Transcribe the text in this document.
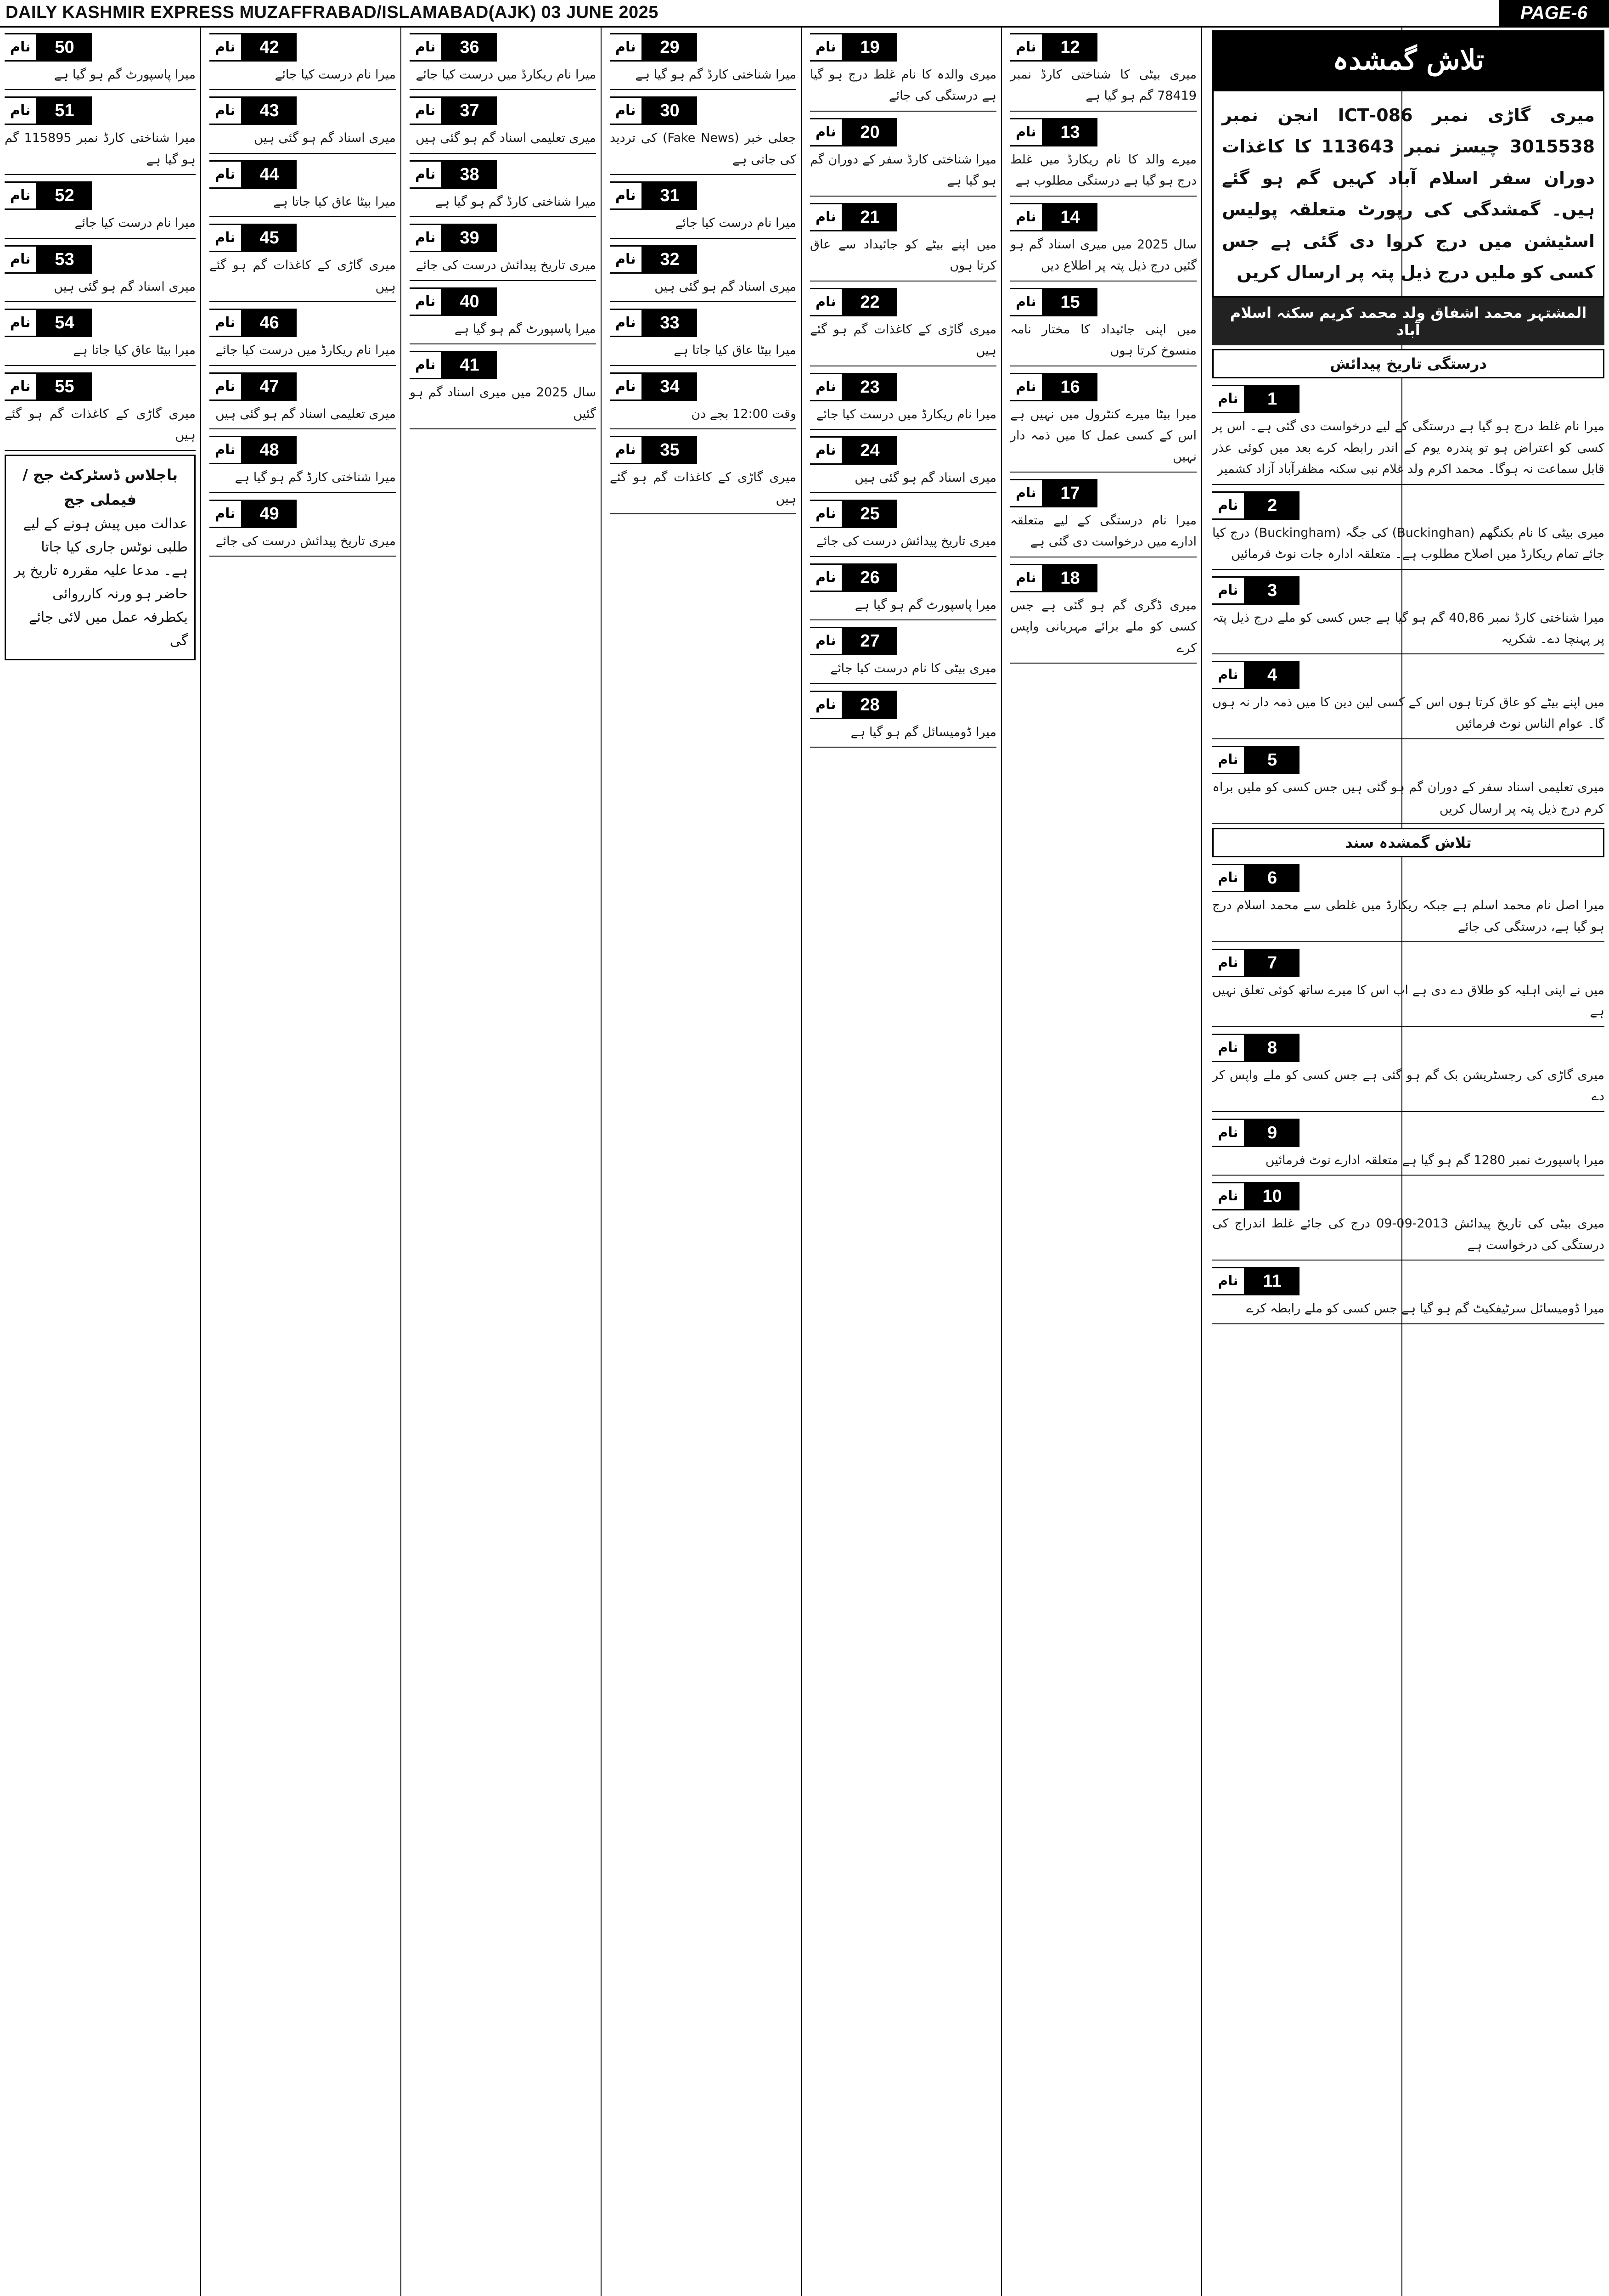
DAILY KASHMIR EXPRESS MUZAFFRABAD/ISLAMABAD(AJK) 03 JUNE 2025	PAGE-6
تلاش گمشدہ
میری گاڑی نمبر 086-ICT انجن نمبر 3015538 چیسز نمبر 113643 کا کاغذات دوران سفر اسلام آباد کہیں گم ہو گئے ہیں۔ گمشدگی کی رپورٹ متعلقہ پولیس اسٹیشن میں درج کروا دی گئی ہے جس کسی کو ملیں درج ذیل پتہ پر ارسال کریں
المشتہر محمد اشفاق ولد محمد کریم سکنہ اسلام آباد
درستگی تاریخ پیدائش
1
نام
میرا نام غلط درج ہو گیا ہے درستگی کے لیے درخواست دی گئی ہے۔ اس پر کسی کو اعتراض ہو تو پندرہ یوم کے اندر رابطہ کرے بعد میں کوئی عذر قابل سماعت نہ ہوگا۔ محمد اکرم ولد غلام نبی سکنہ مظفرآباد آزاد کشمیر
2
نام
میری بیٹی کا نام بکنگھم (Buckinghan) کی جگہ (Buckingham) درج کیا جائے تمام ریکارڈ میں اصلاح مطلوب ہے۔ متعلقہ ادارہ جات نوٹ فرمائیں
3
نام
میرا شناختی کارڈ نمبر 40,86 گم ہو گیا ہے جس کسی کو ملے درج ذیل پتہ پر پہنچا دے۔ شکریہ
4
نام
میں اپنے بیٹے کو عاق کرتا ہوں اس کے کسی لین دین کا میں ذمہ دار نہ ہوں گا۔ عوام الناس نوٹ فرمائیں
5
نام
میری تعلیمی اسناد سفر کے دوران گم ہو گئی ہیں جس کسی کو ملیں براہ کرم درج ذیل پتہ پر ارسال کریں
تلاش گمشدہ سند
6
نام
میرا اصل نام محمد اسلم ہے جبکہ ریکارڈ میں غلطی سے محمد اسلام درج ہو گیا ہے، درستگی کی جائے
7
نام
میں نے اپنی اہلیہ کو طلاق دے دی ہے اب اس کا میرے ساتھ کوئی تعلق نہیں ہے
8
نام
میری گاڑی کی رجسٹریشن بک گم ہو گئی ہے جس کسی کو ملے واپس کر دے
9
نام
میرا پاسپورٹ نمبر 1280 گم ہو گیا ہے متعلقہ ادارے نوٹ فرمائیں
10
نام
میری بیٹی کی تاریخ پیدائش 2013-09-09 درج کی جائے غلط اندراج کی درستگی کی درخواست ہے
11
نام
میرا ڈومیسائل سرٹیفکیٹ گم ہو گیا ہے جس کسی کو ملے رابطہ کرے
12
نام
میری بیٹی کا شناختی کارڈ نمبر 78419 گم ہو گیا ہے
13
نام
میرے والد کا نام ریکارڈ میں غلط درج ہو گیا ہے درستگی مطلوب ہے
14
نام
سال 2025 میں میری اسناد گم ہو گئیں درج ذیل پتہ پر اطلاع دیں
15
نام
میں اپنی جائیداد کا مختار نامہ منسوخ کرتا ہوں
16
نام
میرا بیٹا میرے کنٹرول میں نہیں ہے اس کے کسی عمل کا میں ذمہ دار نہیں
17
نام
میرا نام درستگی کے لیے متعلقہ ادارے میں درخواست دی گئی ہے
18
نام
میری ڈگری گم ہو گئی ہے جس کسی کو ملے برائے مہربانی واپس کرے
19
نام
میری والدہ کا نام غلط درج ہو گیا ہے درستگی کی جائے
20
نام
میرا شناختی کارڈ سفر کے دوران گم ہو گیا ہے
21
نام
میں اپنے بیٹے کو جائیداد سے عاق کرتا ہوں
22
نام
میری گاڑی کے کاغذات گم ہو گئے ہیں
23
نام
میرا نام ریکارڈ میں درست کیا جائے
24
نام
میری اسناد گم ہو گئی ہیں
25
نام
میری تاریخ پیدائش درست کی جائے
26
نام
میرا پاسپورٹ گم ہو گیا ہے
27
نام
میری بیٹی کا نام درست کیا جائے
28
نام
میرا ڈومیسائل گم ہو گیا ہے
29
نام
میرا شناختی کارڈ گم ہو گیا ہے
30
نام
جعلی خبر (Fake News) کی تردید کی جاتی ہے
31
نام
میرا نام درست کیا جائے
32
نام
میری اسناد گم ہو گئی ہیں
33
نام
میرا بیٹا عاق کیا جاتا ہے
34
نام
وقت 12:00 بجے دن
35
نام
میری گاڑی کے کاغذات گم ہو گئے ہیں
36
نام
میرا نام ریکارڈ میں درست کیا جائے
37
نام
میری تعلیمی اسناد گم ہو گئی ہیں
38
نام
میرا شناختی کارڈ گم ہو گیا ہے
39
نام
میری تاریخ پیدائش درست کی جائے
40
نام
میرا پاسپورٹ گم ہو گیا ہے
41
نام
سال 2025 میں میری اسناد گم ہو گئیں
42
نام
میرا نام درست کیا جائے
43
نام
میری اسناد گم ہو گئی ہیں
44
نام
میرا بیٹا عاق کیا جاتا ہے
45
نام
میری گاڑی کے کاغذات گم ہو گئے ہیں
46
نام
میرا نام ریکارڈ میں درست کیا جائے
47
نام
میری تعلیمی اسناد گم ہو گئی ہیں
48
نام
میرا شناختی کارڈ گم ہو گیا ہے
49
نام
میری تاریخ پیدائش درست کی جائے
50
نام
میرا پاسپورٹ گم ہو گیا ہے
51
نام
میرا شناختی کارڈ نمبر 115895 گم ہو گیا ہے
52
نام
میرا نام درست کیا جائے
53
نام
میری اسناد گم ہو گئی ہیں
54
نام
میرا بیٹا عاق کیا جاتا ہے
55
نام
میری گاڑی کے کاغذات گم ہو گئے ہیں
باجلاس ڈسٹرکٹ جج / فیملی جج
عدالت میں پیش ہونے کے لیے طلبی نوٹس جاری کیا جاتا ہے۔ مدعا علیہ مقررہ تاریخ پر حاضر ہو ورنہ کارروائی یکطرفہ عمل میں لائی جائے گی
